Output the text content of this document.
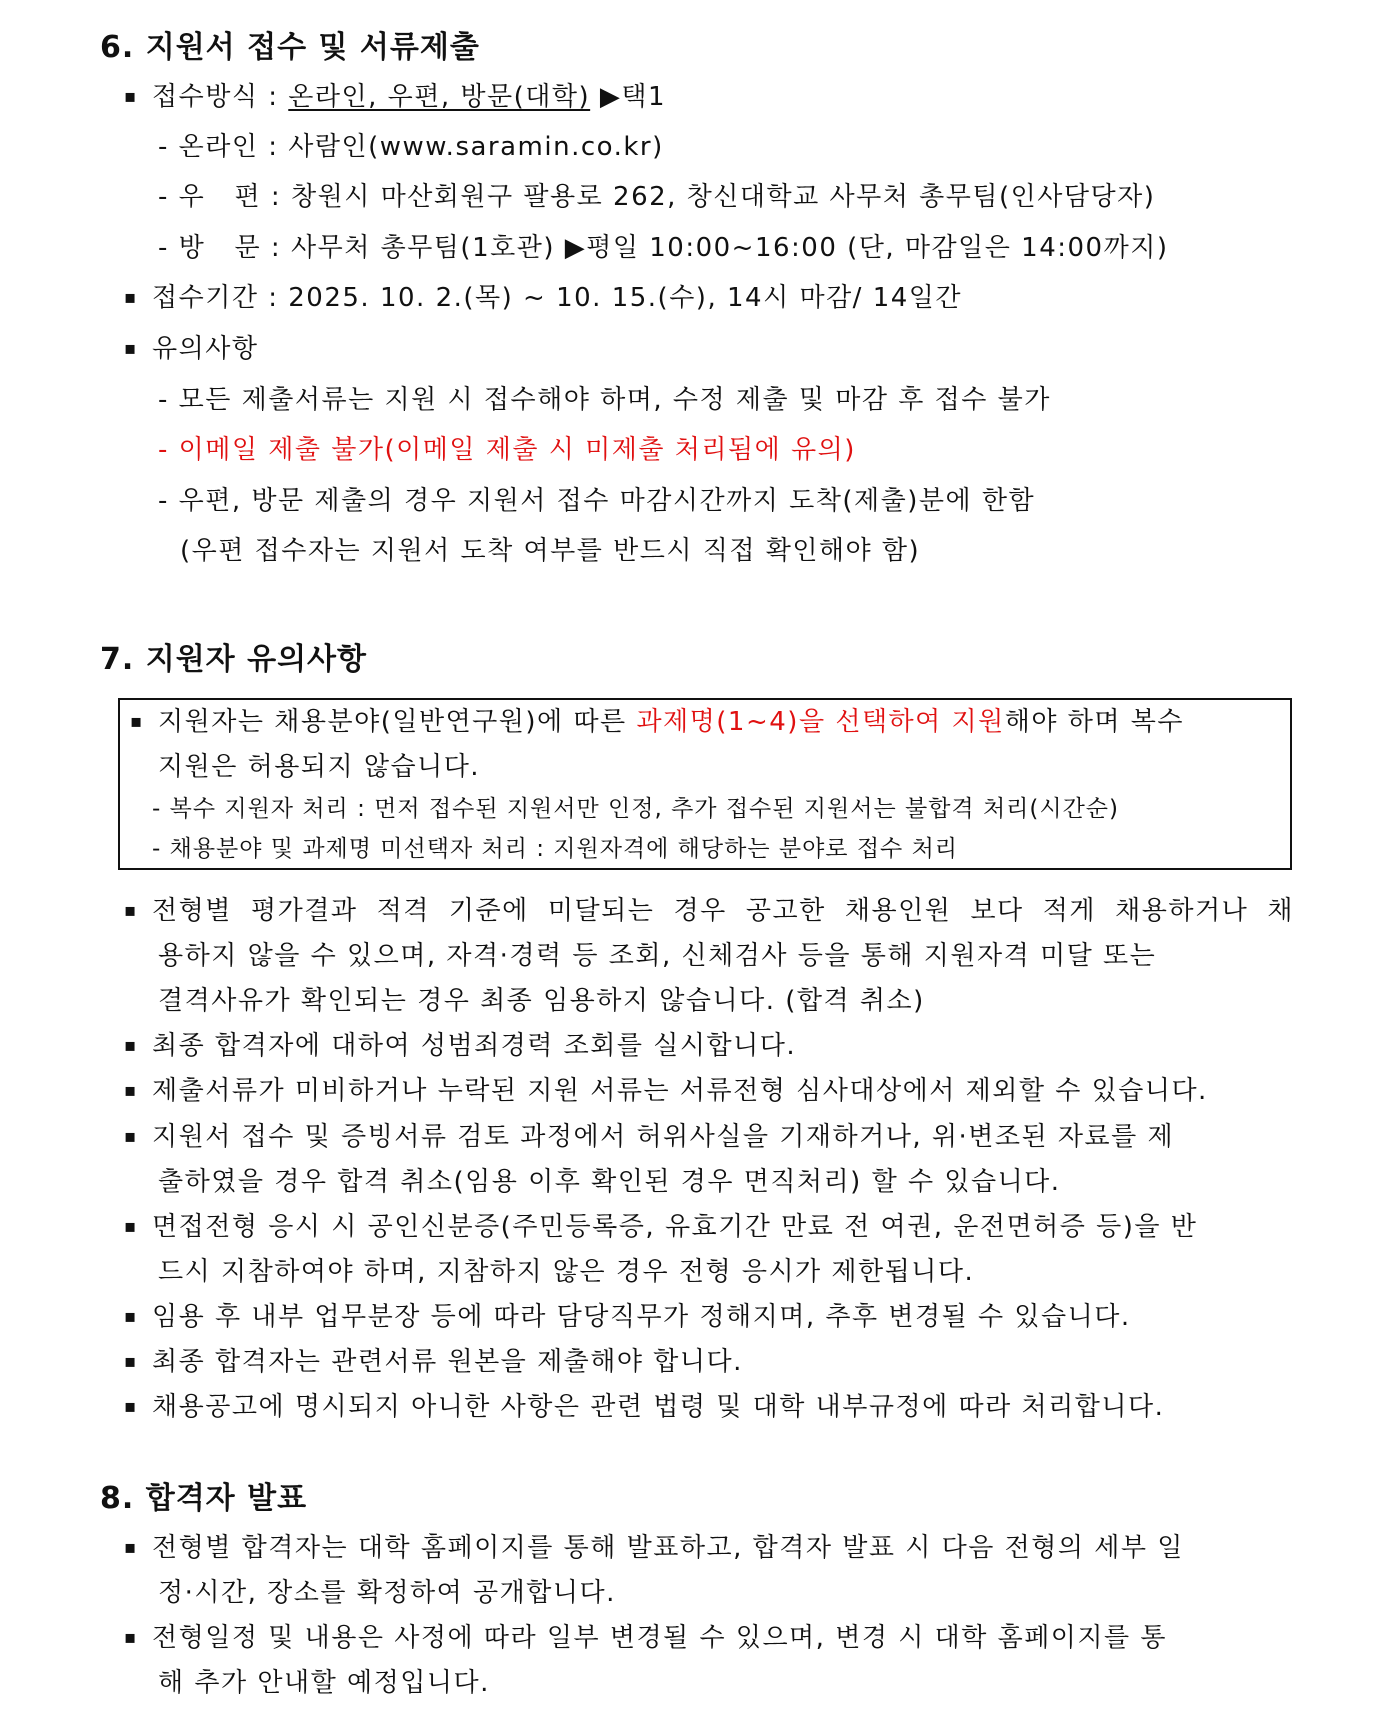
6. 지원서 접수 및 서류제출

▪ 접수방식 : 온라인, 우편, 방문(대학) ▶택1

- 온라인 : 사람인(www.saramin.co.kr)

- 우   편 : 창원시 마산회원구 팔용로 262, 창신대학교 사무처 총무팀(인사담당자)

- 방   문 : 사무처 총무팀(1호관) ▶평일 10:00~16:00 (단, 마감일은 14:00까지)

▪ 접수기간 : 2025. 10. 2.(목) ~ 10. 15.(수), 14시 마감/ 14일간

▪ 유의사항

- 모든 제출서류는 지원 시 접수해야 하며, 수정 제출 및 마감 후 접수 불가

- 이메일 제출 불가(이메일 제출 시 미제출 처리됨에 유의)

- 우편, 방문 제출의 경우 지원서 접수 마감시간까지 도착(제출)분에 한함

(우편 접수자는 지원서 도착 여부를 반드시 직접 확인해야 함)

7. 지원자 유의사항

▪ 지원자는 채용분야(일반연구원)에 따른 과제명(1~4)을 선택하여 지원해야 하며 복수

지원은 허용되지 않습니다.

- 복수 지원자 처리 : 먼저 접수된 지원서만 인정, 추가 접수된 지원서는 불합격 처리(시간순)

- 채용분야 및 과제명 미선택자 처리 : 지원자격에 해당하는 분야로 접수 처리

▪ 전형별 평가결과 적격 기준에 미달되는 경우 공고한 채용인원 보다 적게 채용하거나 채

용하지 않을 수 있으며, 자격·경력 등 조회, 신체검사 등을 통해 지원자격 미달 또는

결격사유가 확인되는 경우 최종 임용하지 않습니다. (합격 취소)

▪ 최종 합격자에 대하여 성범죄경력 조회를 실시합니다.

▪ 제출서류가 미비하거나 누락된 지원 서류는 서류전형 심사대상에서 제외할 수 있습니다.

▪ 지원서 접수 및 증빙서류 검토 과정에서 허위사실을 기재하거나, 위·변조된 자료를 제

출하였을 경우 합격 취소(임용 이후 확인된 경우 면직처리) 할 수 있습니다.

▪ 면접전형 응시 시 공인신분증(주민등록증, 유효기간 만료 전 여권, 운전면허증 등)을 반

드시 지참하여야 하며, 지참하지 않은 경우 전형 응시가 제한됩니다.

▪ 임용 후 내부 업무분장 등에 따라 담당직무가 정해지며, 추후 변경될 수 있습니다.

▪ 최종 합격자는 관련서류 원본을 제출해야 합니다.

▪ 채용공고에 명시되지 아니한 사항은 관련 법령 및 대학 내부규정에 따라 처리합니다.

8. 합격자 발표

▪ 전형별 합격자는 대학 홈페이지를 통해 발표하고, 합격자 발표 시 다음 전형의 세부 일

정·시간, 장소를 확정하여 공개합니다.

▪ 전형일정 및 내용은 사정에 따라 일부 변경될 수 있으며, 변경 시 대학 홈페이지를 통

해 추가 안내할 예정입니다.
